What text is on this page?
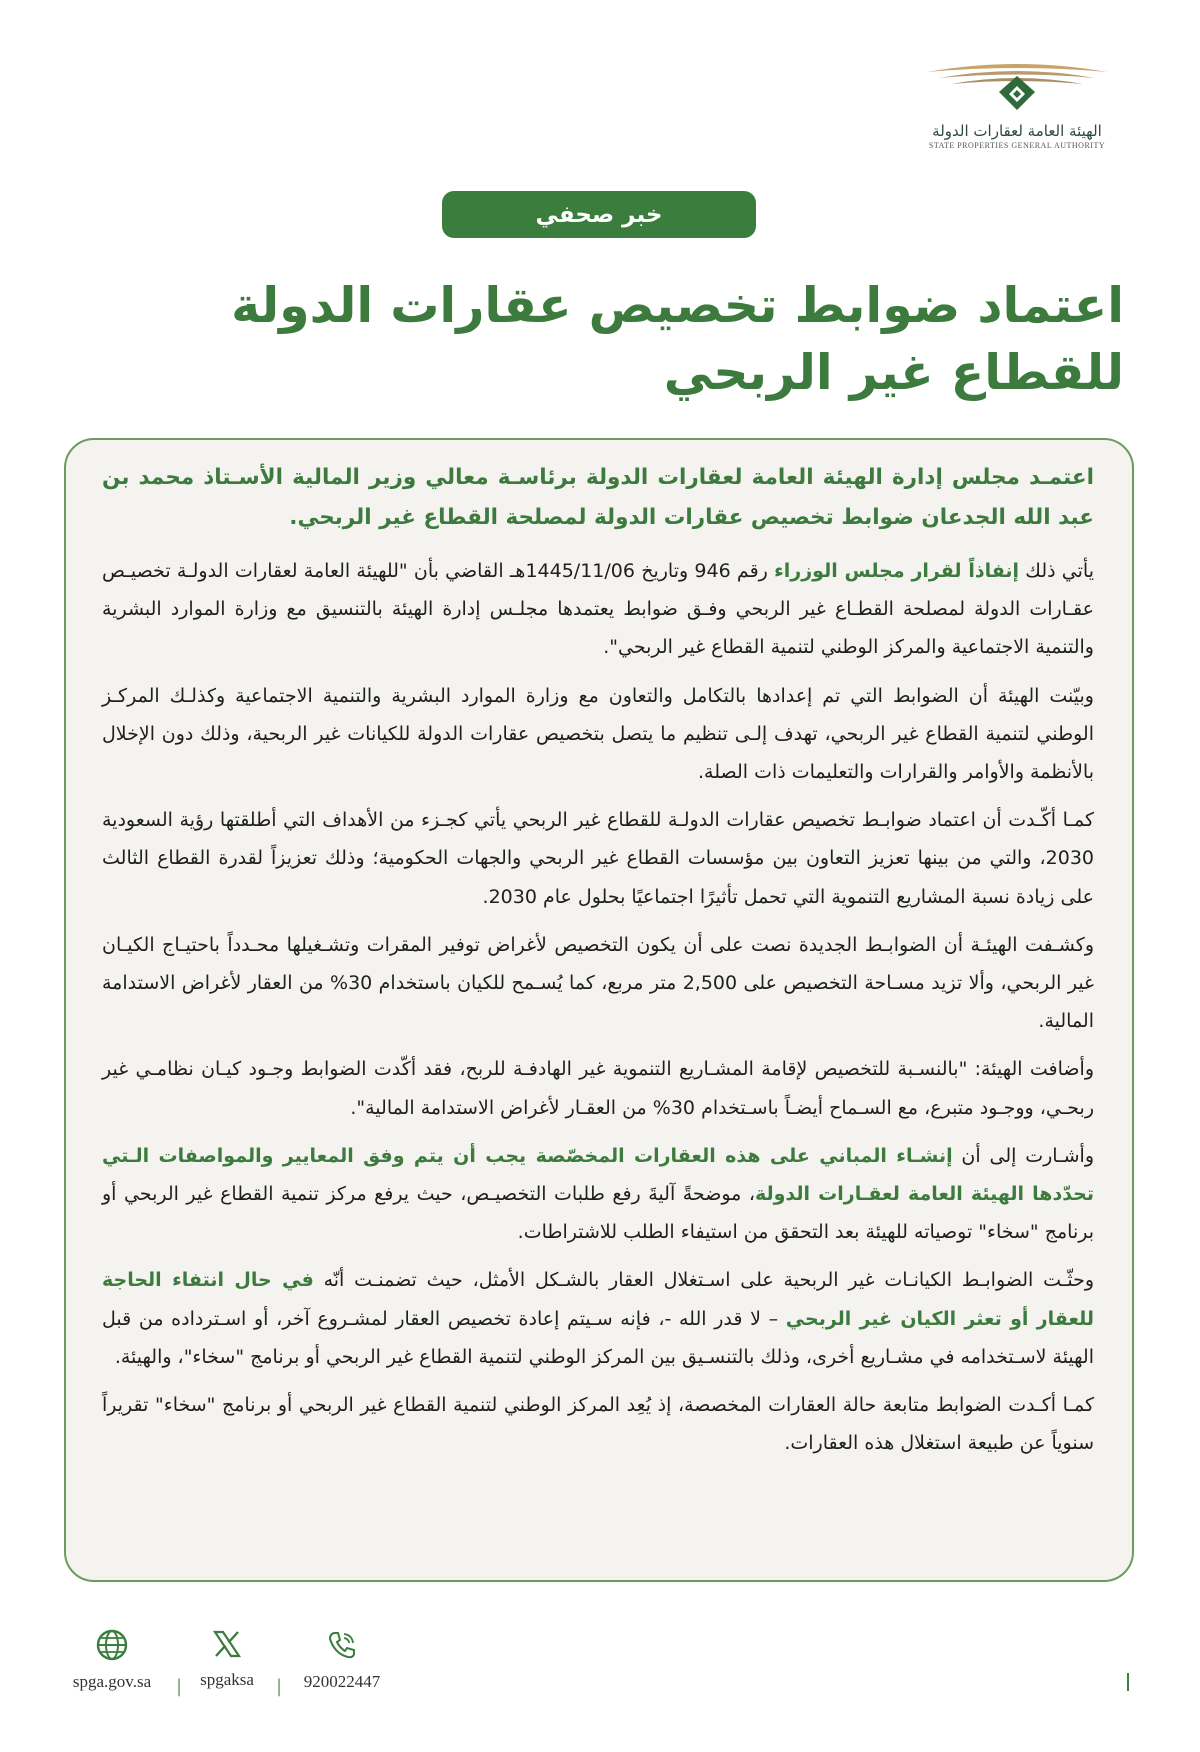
الهيئة العامة لعقارات الدولة
STATE PROPERTIES GENERAL AUTHORITY
خبر صحفي
اعتماد ضوابط تخصيص عقارات الدولة
للقطاع غير الربحي

اعتمـد مجلس إدارة الهيئة العامة لعقارات الدولة برئاسـة معالي وزير المالية الأسـتاذ محمد بن عبد الله الجدعان ضوابط تخصيص عقارات الدولة لمصلحة القطاع غير الربحي.

يأتي ذلك إنفاذاً لقرار مجلس الوزراء رقم 946 وتاريخ 1445/11/06هـ القاضي بأن "للهيئة العامة لعقارات الدولـة تخصيـص عقـارات الدولة لمصلحة القطـاع غير الربحي وفـق ضوابط يعتمدها مجلـس إدارة الهيئة بالتنسيق مع وزارة الموارد البشرية والتنمية الاجتماعية والمركز الوطني لتنمية القطاع غير الربحي".

وبيّنت الهيئة أن الضوابط التي تم إعدادها بالتكامل والتعاون مع وزارة الموارد البشرية والتنمية الاجتماعية وكذلـك المركـز الوطني لتنمية القطاع غير الربحي، تهدف إلـى تنظيم ما يتصل بتخصيص عقارات الدولة للكيانات غير الربحية، وذلك دون الإخلال بالأنظمة والأوامر والقرارات والتعليمات ذات الصلة.

كمـا أكّـدت أن اعتماد ضوابـط تخصيص عقارات الدولـة للقطاع غير الربحي يأتي كجـزء من الأهداف التي أطلقتها رؤية السعودية 2030، والتي من بينها تعزيز التعاون بين مؤسسات القطاع غير الربحي والجهات الحكومية؛ وذلك تعزيزاً لقدرة القطاع الثالث على زيادة نسبة المشاريع التنموية التي تحمل تأثيرًا اجتماعيًا بحلول عام 2030.

وكشـفت الهيئـة أن الضوابـط الجديدة نصت على أن يكون التخصيص لأغراض توفير المقرات وتشـغيلها محـدداً باحتيـاج الكيـان غير الربحي، وألا تزيد مسـاحة التخصيص على 2,500 متر مربع، كما يُسـمح للكيان باستخدام 30% من العقار لأغراض الاستدامة المالية.

وأضافت الهيئة: "بالنسـبة للتخصيص لإقامة المشـاريع التنموية غير الهادفـة للربح، فقد أكّدت الضوابط وجـود كيـان نظامـي غير ربحـي، ووجـود متبرع، مع السـماح أيضـاً باسـتخدام 30% من العقـار لأغراض الاستدامة المالية".

وأشـارت إلى أن إنشـاء المباني على هذه العقارات المخصّصة يجب أن يتم وفق المعايير والمواصفات الـتي تحدّدها الهيئة العامة لعقـارات الدولة، موضحةً آليةَ رفع طلبات التخصيـص، حيث يرفع مركز تنمية القطاع غير الربحي أو برنامج "سخاء" توصياته للهيئة بعد التحقق من استيفاء الطلب للاشتراطات.

وحثّـت الضوابـط الكيانـات غير الربحية على اسـتغلال العقار بالشـكل الأمثل، حيث تضمنـت أنّه في حال انتفاء الحاجة للعقار أو تعثر الكيان غير الربحي – لا قدر الله -، فإنه سـيتم إعادة تخصيص العقار لمشـروع آخر، أو اسـترداده من قبل الهيئة لاسـتخدامه في مشـاريع أخرى، وذلك بالتنسـيق بين المركز الوطني لتنمية القطاع غير الربحي أو برنامج "سخاء"، والهيئة.

كمـا أكـدت الضوابط متابعة حالة العقارات المخصصة، إذ يُعِد المركز الوطني لتنمية القطاع غير الربحي أو برنامج "سخاء" تقريراً سنوياً عن طبيعة استغلال هذه العقارات.

spga.gov.sa	|	spgaksa	|	920022447
